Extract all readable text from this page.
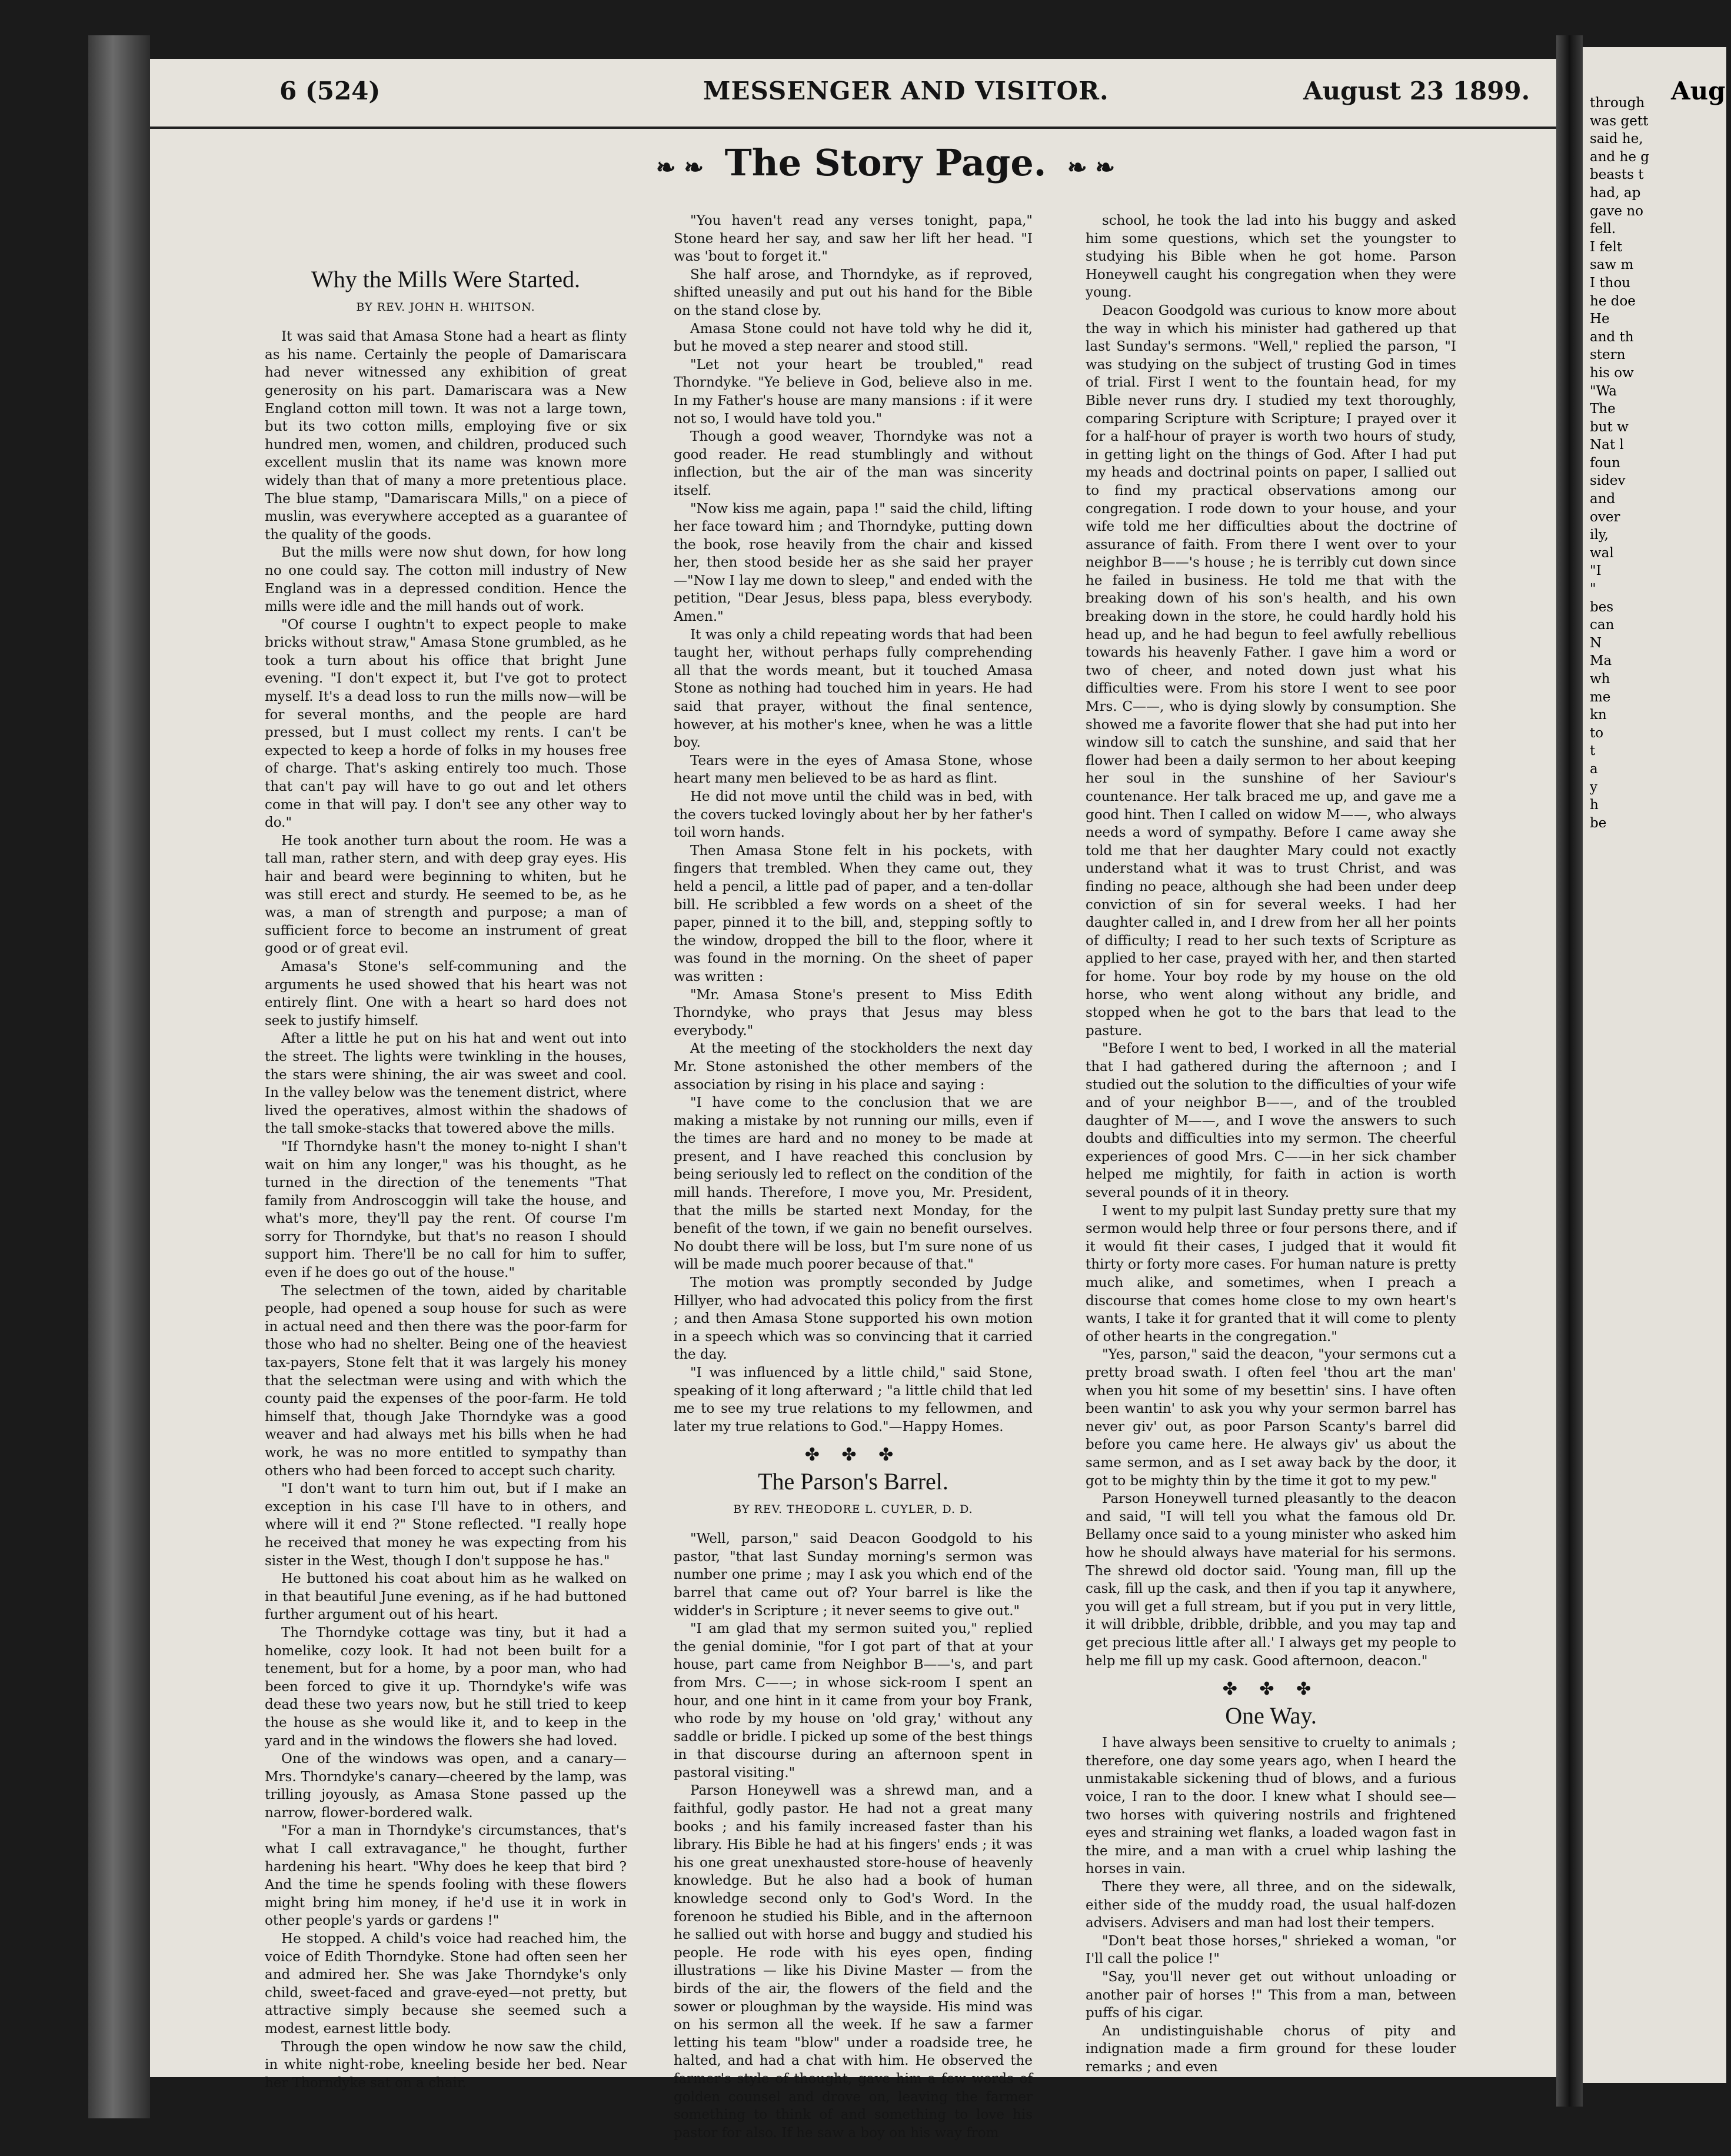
6 (524)	MESSENGER AND VISITOR.	August 23 1899.
❧ ❧ The Story Page. ❧ ❧
Why the Mills Were Started.
BY REV. JOHN H. WHITSON.

It was said that Amasa Stone had a heart as flinty as his name. Certainly the people of Damariscara had never witnessed any exhibition of great generosity on his part. Damariscara was a New England cotton mill town. It was not a large town, but its two cotton mills, employing five or six hundred men, women, and children, produced such excellent muslin that its name was known more widely than that of many a more pretentious place. The blue stamp, "Damariscara Mills," on a piece of muslin, was everywhere accepted as a guarantee of the quality of the goods.

But the mills were now shut down, for how long no one could say. The cotton mill industry of New England was in a depressed condition. Hence the mills were idle and the mill hands out of work.

"Of course I oughtn't to expect people to make bricks without straw," Amasa Stone grumbled, as he took a turn about his office that bright June evening. "I don't expect it, but I've got to protect myself. It's a dead loss to run the mills now—will be for several months, and the people are hard pressed, but I must collect my rents. I can't be expected to keep a horde of folks in my houses free of charge. That's asking entirely too much. Those that can't pay will have to go out and let others come in that will pay. I don't see any other way to do."

He took another turn about the room. He was a tall man, rather stern, and with deep gray eyes. His hair and beard were beginning to whiten, but he was still erect and sturdy. He seemed to be, as he was, a man of strength and purpose; a man of sufficient force to become an instrument of great good or of great evil.

Amasa's Stone's self-communing and the arguments he used showed that his heart was not entirely flint. One with a heart so hard does not seek to justify himself.

After a little he put on his hat and went out into the street. The lights were twinkling in the houses, the stars were shining, the air was sweet and cool. In the valley below was the tenement district, where lived the operatives, almost within the shadows of the tall smoke-stacks that towered above the mills.

"If Thorndyke hasn't the money to-night I shan't wait on him any longer," was his thought, as he turned in the direction of the tenements "That family from Androscoggin will take the house, and what's more, they'll pay the rent. Of course I'm sorry for Thorndyke, but that's no reason I should support him. There'll be no call for him to suffer, even if he does go out of the house."

The selectmen of the town, aided by charitable people, had opened a soup house for such as were in actual need and then there was the poor-farm for those who had no shelter. Being one of the heaviest tax-payers, Stone felt that it was largely his money that the selectman were using and with which the county paid the expenses of the poor-farm. He told himself that, though Jake Thorndyke was a good weaver and had always met his bills when he had work, he was no more entitled to sympathy than others who had been forced to accept such charity.

"I don't want to turn him out, but if I make an exception in his case I'll have to in others, and where will it end ?" Stone reflected. "I really hope he received that money he was expecting from his sister in the West, though I don't suppose he has."

He buttoned his coat about him as he walked on in that beautiful June evening, as if he had buttoned further argument out of his heart.

The Thorndyke cottage was tiny, but it had a homelike, cozy look. It had not been built for a tenement, but for a home, by a poor man, who had been forced to give it up. Thorndyke's wife was dead these two years now, but he still tried to keep the house as she would like it, and to keep in the yard and in the windows the flowers she had loved.

One of the windows was open, and a canary—Mrs. Thorndyke's canary—cheered by the lamp, was trilling joyously, as Amasa Stone passed up the narrow, flower-bordered walk.

"For a man in Thorndyke's circumstances, that's what I call extravagance," he thought, further hardening his heart. "Why does he keep that bird ? And the time he spends fooling with these flowers might bring him money, if he'd use it in work in other people's yards or gardens !"

He stopped. A child's voice had reached him, the voice of Edith Thorndyke. Stone had often seen her and admired her. She was Jake Thorndyke's only child, sweet-faced and grave-eyed—not pretty, but attractive simply because she seemed such a modest, earnest little body.

Through the open window he now saw the child, in white night-robe, kneeling beside her bed. Near her Thorndyke sat on a chair.

"You haven't read any verses tonight, papa," Stone heard her say, and saw her lift her head. "I was 'bout to forget it."

She half arose, and Thorndyke, as if reproved, shifted uneasily and put out his hand for the Bible on the stand close by.

Amasa Stone could not have told why he did it, but he moved a step nearer and stood still.

"Let not your heart be troubled," read Thorndyke. "Ye believe in God, believe also in me. In my Father's house are many mansions : if it were not so, I would have told you."

Though a good weaver, Thorndyke was not a good reader. He read stumblingly and without inflection, but the air of the man was sincerity itself.

"Now kiss me again, papa !" said the child, lifting her face toward him ; and Thorndyke, putting down the book, rose heavily from the chair and kissed her, then stood beside her as she said her prayer—"Now I lay me down to sleep," and ended with the petition, "Dear Jesus, bless papa, bless everybody. Amen."

It was only a child repeating words that had been taught her, without perhaps fully comprehending all that the words meant, but it touched Amasa Stone as nothing had touched him in years. He had said that prayer, without the final sentence, however, at his mother's knee, when he was a little boy.

Tears were in the eyes of Amasa Stone, whose heart many men believed to be as hard as flint.

He did not move until the child was in bed, with the covers tucked lovingly about her by her father's toil worn hands.

Then Amasa Stone felt in his pockets, with fingers that trembled. When they came out, they held a pencil, a little pad of paper, and a ten-dollar bill. He scribbled a few words on a sheet of the paper, pinned it to the bill, and, stepping softly to the window, dropped the bill to the floor, where it was found in the morning. On the sheet of paper was written :

"Mr. Amasa Stone's present to Miss Edith Thorndyke, who prays that Jesus may bless everybody."

At the meeting of the stockholders the next day Mr. Stone astonished the other members of the association by rising in his place and saying :

"I have come to the conclusion that we are making a mistake by not running our mills, even if the times are hard and no money to be made at present, and I have reached this conclusion by being seriously led to reflect on the condition of the mill hands. Therefore, I move you, Mr. President, that the mills be started next Monday, for the benefit of the town, if we gain no benefit ourselves. No doubt there will be loss, but I'm sure none of us will be made much poorer because of that."

The motion was promptly seconded by Judge Hillyer, who had advocated this policy from the first ; and then Amasa Stone supported his own motion in a speech which was so convincing that it carried the day.

"I was influenced by a little child," said Stone, speaking of it long afterward ; "a little child that led me to see my true relations to my fellowmen, and later my true relations to God."—Happy Homes.

✤ ✤ ✤
The Parson's Barrel.
BY REV. THEODORE L. CUYLER, D. D.

"Well, parson," said Deacon Goodgold to his pastor, "that last Sunday morning's sermon was number one prime ; may I ask you which end of the barrel that came out of? Your barrel is like the widder's in Scripture ; it never seems to give out."

"I am glad that my sermon suited you," replied the genial dominie, "for I got part of that at your house, part came from Neighbor B——'s, and part from Mrs. C——; in whose sick-room I spent an hour, and one hint in it came from your boy Frank, who rode by my house on 'old gray,' without any saddle or bridle. I picked up some of the best things in that discourse during an afternoon spent in pastoral visiting."

Parson Honeywell was a shrewd man, and a faithful, godly pastor. He had not a great many books ; and his family increased faster than his library. His Bible he had at his fingers' ends ; it was his one great unexhausted store-house of heavenly knowledge. But he also had a book of human knowledge second only to God's Word. In the forenoon he studied his Bible, and in the afternoon he sallied out with horse and buggy and studied his people. He rode with his eyes open, finding illustrations — like his Divine Master — from the birds of the air, the flowers of the field and the sower or ploughman by the wayside. His mind was on his sermon all the week. If he saw a farmer letting his team "blow" under a roadside tree, he halted, and had a chat with him. He observed the farmer's style of thought, gave him a few words of golden counsel and drove on, leaving the farmer something to think of and something to love his pastor for also. If he saw a boy on his way from

school, he took the lad into his buggy and asked him some questions, which set the youngster to studying his Bible when he got home. Parson Honeywell caught his congregation when they were young.

Deacon Goodgold was curious to know more about the way in which his minister had gathered up that last Sunday's sermons. "Well," replied the parson, "I was studying on the subject of trusting God in times of trial. First I went to the fountain head, for my Bible never runs dry. I studied my text thoroughly, comparing Scripture with Scripture; I prayed over it for a half-hour of prayer is worth two hours of study, in getting light on the things of God. After I had put my heads and doctrinal points on paper, I sallied out to find my practical observations among our congregation. I rode down to your house, and your wife told me her difficulties about the doctrine of assurance of faith. From there I went over to your neighbor B——'s house ; he is terribly cut down since he failed in business. He told me that with the breaking down of his son's health, and his own breaking down in the store, he could hardly hold his head up, and he had begun to feel awfully rebellious towards his heavenly Father. I gave him a word or two of cheer, and noted down just what his difficulties were. From his store I went to see poor Mrs. C——, who is dying slowly by consumption. She showed me a favorite flower that she had put into her window sill to catch the sunshine, and said that her flower had been a daily sermon to her about keeping her soul in the sunshine of her Saviour's countenance. Her talk braced me up, and gave me a good hint. Then I called on widow M——, who always needs a word of sympathy. Before I came away she told me that her daughter Mary could not exactly understand what it was to trust Christ, and was finding no peace, although she had been under deep conviction of sin for several weeks. I had her daughter called in, and I drew from her all her points of difficulty; I read to her such texts of Scripture as applied to her case, prayed with her, and then started for home. Your boy rode by my house on the old horse, who went along without any bridle, and stopped when he got to the bars that lead to the pasture.

"Before I went to bed, I worked in all the material that I had gathered during the afternoon ; and I studied out the solution to the difficulties of your wife and of your neighbor B——, and of the troubled daughter of M——, and I wove the answers to such doubts and difficulties into my sermon. The cheerful experiences of good Mrs. C——in her sick chamber helped me mightily, for faith in action is worth several pounds of it in theory.

I went to my pulpit last Sunday pretty sure that my sermon would help three or four persons there, and if it would fit their cases, I judged that it would fit thirty or forty more cases. For human nature is pretty much alike, and sometimes, when I preach a discourse that comes home close to my own heart's wants, I take it for granted that it will come to plenty of other hearts in the congregation."

"Yes, parson," said the deacon, "your sermons cut a pretty broad swath. I often feel 'thou art the man' when you hit some of my besettin' sins. I have often been wantin' to ask you why your sermon barrel has never giv' out, as poor Parson Scanty's barrel did before you came here. He always giv' us about the same sermon, and as I set away back by the door, it got to be mighty thin by the time it got to my pew."

Parson Honeywell turned pleasantly to the deacon and said, "I will tell you what the famous old Dr. Bellamy once said to a young minister who asked him how he should always have material for his sermons. The shrewd old doctor said. 'Young man, fill up the cask, fill up the cask, and then if you tap it anywhere, you will get a full stream, but if you put in very little, it will dribble, dribble, dribble, and you may tap and get precious little after all.' I always get my people to help me fill up my cask. Good afternoon, deacon."

✤ ✤ ✤
One Way.

I have always been sensitive to cruelty to animals ; therefore, one day some years ago, when I heard the unmistakable sickening thud of blows, and a furious voice, I ran to the door. I knew what I should see—two horses with quivering nostrils and frightened eyes and straining wet flanks, a loaded wagon fast in the mire, and a man with a cruel whip lashing the horses in vain.

There they were, all three, and on the sidewalk, either side of the muddy road, the usual half-dozen advisers. Advisers and man had lost their tempers.

"Don't beat those horses," shrieked a woman, "or I'll call the police !"

"Say, you'll never get out without unloading or another pair of horses !" This from a man, between puffs of his cigar.

An undistinguishable chorus of pity and indignation made a firm ground for these louder remarks ; and even

Aug
through
was gett
said he,
and he g
beasts t
had, ap
gave no
fell.
I felt
saw m
I thou
he doe
He
and th
stern
his ow
"Wa
The
but w
Nat l
foun
sidev
and
over
ily,
wal
"I
"
bes
can
N
Ma
wh
me
kn
to
t
a
y
h
be
